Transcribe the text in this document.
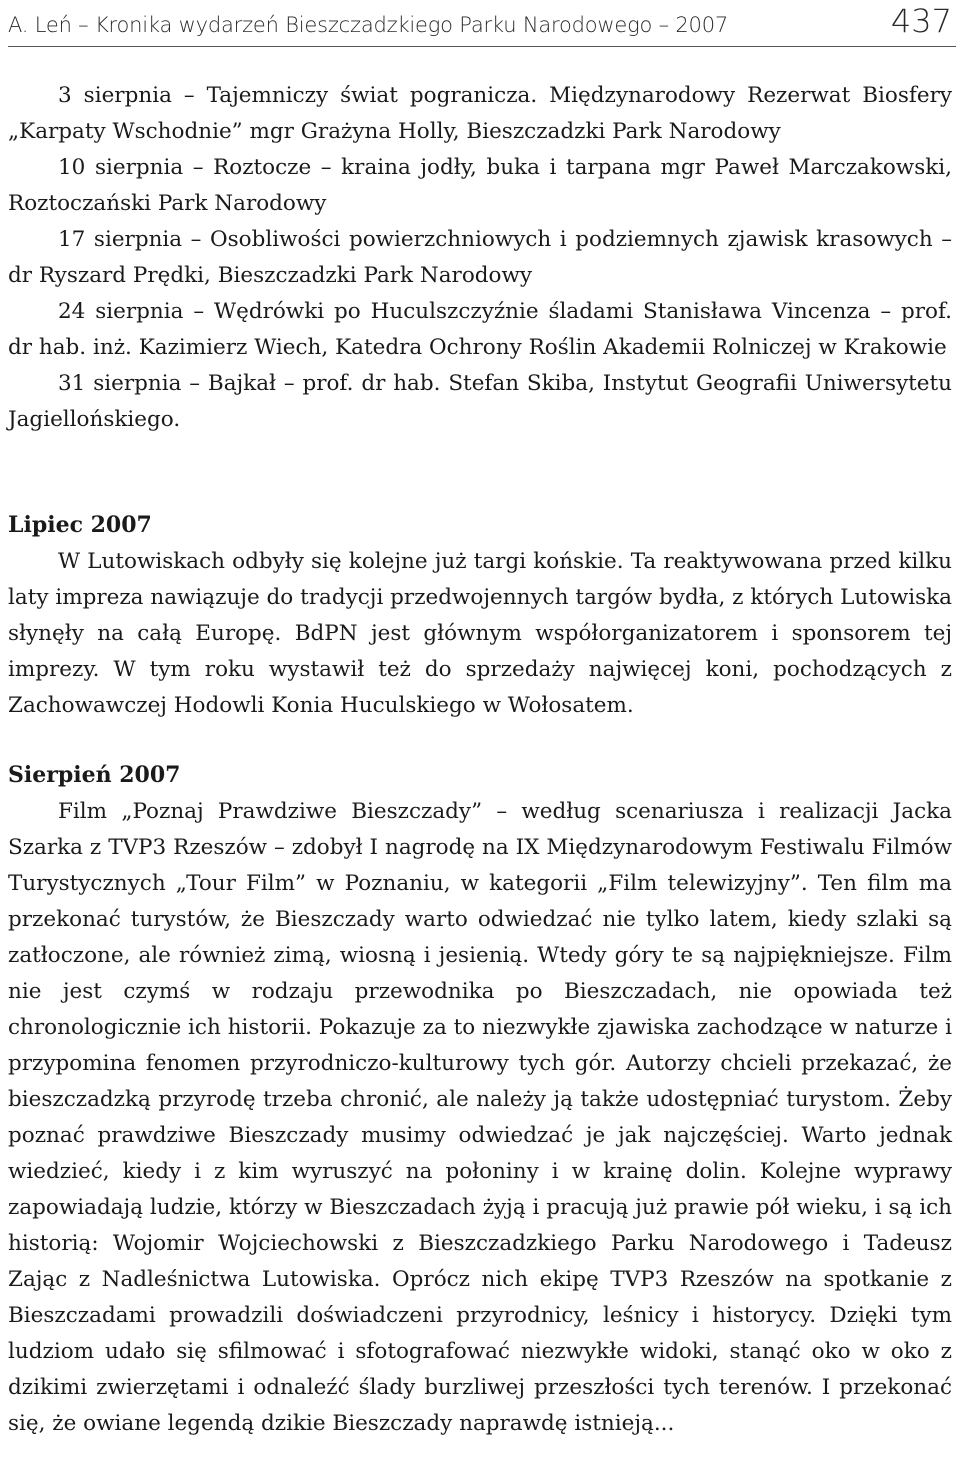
A. Leń – Kronika wydarzeń Bieszczadzkiego Parku Narodowego – 2007	437

3 sierpnia – Tajemniczy świat pogranicza. Międzynarodowy Rezerwat Biosfery „Karpaty Wschodnie” mgr Grażyna Holly, Bieszczadzki Park Narodowy

10 sierpnia – Roztocze – kraina jodły, buka i tarpana mgr Paweł Marczakowski, Roztoczański Park Narodowy

17 sierpnia – Osobliwości powierzchniowych i podziemnych zjawisk krasowych – dr Ryszard Prędki, Bieszczadzki Park Narodowy

24 sierpnia – Wędrówki po Huculszczyźnie śladami Stanisława Vincenza – prof. dr hab. inż. Kazimierz Wiech, Katedra Ochrony Roślin Akademii Rolniczej w Krakowie

31 sierpnia – Bajkał – prof. dr hab. Stefan Skiba, Instytut Geografii Uniwersytetu Jagiellońskiego.

Lipiec 2007

W Lutowiskach odbyły się kolejne już targi końskie. Ta reaktywowana przed kilku laty impreza nawiązuje do tradycji przedwojennych targów bydła, z których Lutowiska słynęły na całą Europę. BdPN jest głównym współorganizatorem i sponsorem tej imprezy. W tym roku wystawił też do sprzedaży najwięcej koni, pochodzących z Zachowawczej Hodowli Konia Huculskiego w Wołosatem.

Sierpień 2007

Film „Poznaj Prawdziwe Bieszczady” – według scenariusza i realizacji Jacka Szarka z TVP3 Rzeszów – zdobył I nagrodę na IX Międzynarodowym Festiwalu Filmów Turystycznych „Tour Film” w Poznaniu, w kategorii „Film telewizyjny”. Ten film ma przekonać turystów, że Bieszczady warto odwiedzać nie tylko latem, kiedy szlaki są zatłoczone, ale również zimą, wiosną i jesienią. Wtedy góry te są najpiękniejsze. Film nie jest czymś w rodzaju przewodnika po Bieszczadach, nie opowiada też chronologicznie ich historii. Pokazuje za to niezwykłe zjawiska zachodzące w naturze i przypomina fenomen przyrodniczo-kulturowy tych gór. Autorzy chcieli przekazać, że bieszczadzką przyrodę trzeba chronić, ale należy ją także udostępniać turystom. Żeby poznać prawdziwe Bieszczady musimy odwiedzać je jak najczęściej. Warto jednak wiedzieć, kiedy i z kim wyruszyć na połoniny i w krainę dolin. Kolejne wyprawy zapowiadają ludzie, którzy w Bieszczadach żyją i pracują już prawie pół wieku, i są ich historią: Wojomir Wojciechowski z Bieszczadzkiego Parku Narodowego i Tadeusz Zając z Nadleśnictwa Lutowiska. Oprócz nich ekipę TVP3 Rzeszów na spotkanie z Bieszczadami prowadzili doświadczeni przyrodnicy, leśnicy i historycy. Dzięki tym ludziom udało się sfilmować i sfotografować niezwykłe widoki, stanąć oko w oko z dzikimi zwierzętami i odnaleźć ślady burzliwej przeszłości tych terenów. I przekonać się, że owiane legendą dzikie Bieszczady naprawdę istnieją...
